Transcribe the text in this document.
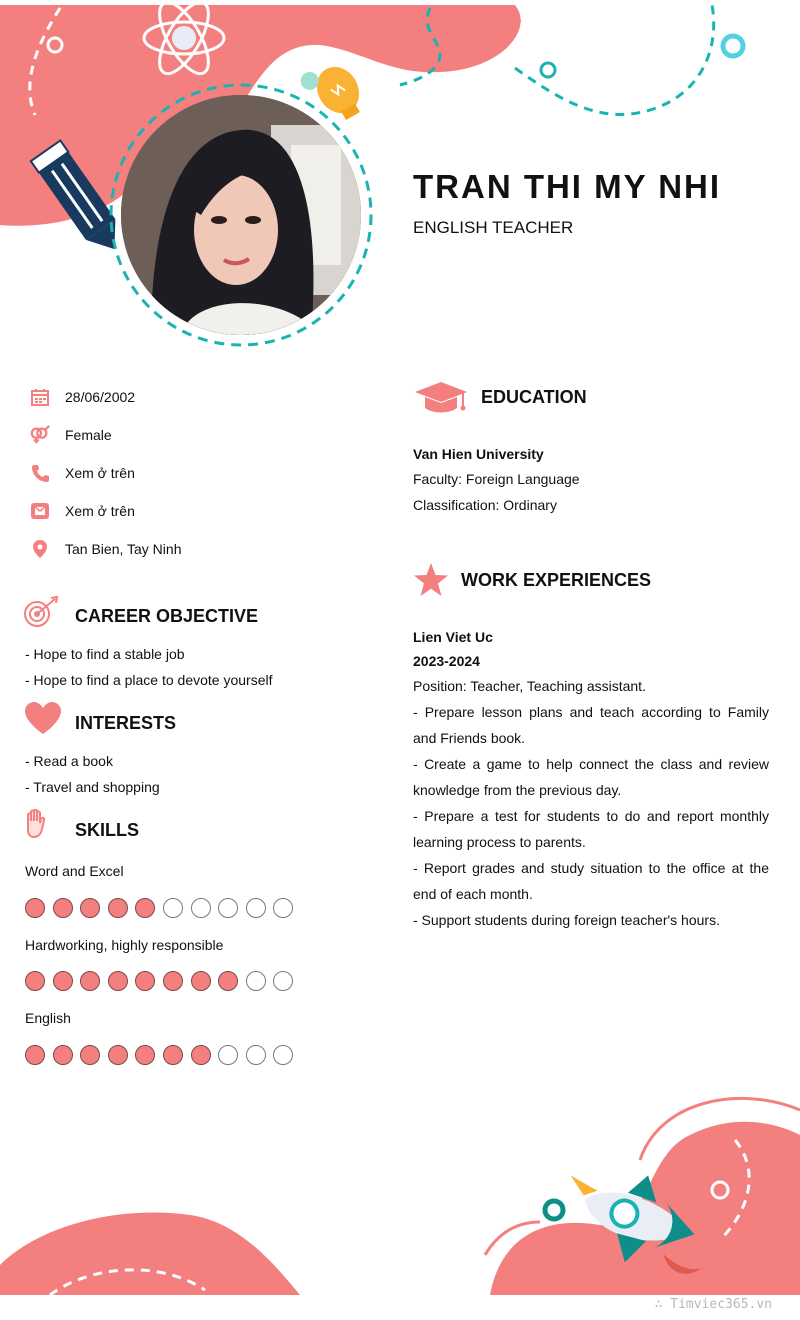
TRAN THI MY NHI
ENGLISH TEACHER
28/06/2002
Female
Xem ở trên
Xem ở trên
Tan Bien, Tay Ninh
CAREER OBJECTIVE
- Hope to find a stable job
- Hope to find a place to devote yourself
INTERESTS
- Read a book
- Travel and shopping
SKILLS
Word and Excel
Hardworking, highly responsible
English
EDUCATION
Van Hien University
Faculty: Foreign Language
Classification: Ordinary
WORK EXPERIENCES
Lien Viet Uc
2023-2024
Position: Teacher, Teaching assistant.

- Prepare lesson plans and teach according to Family and Friends book.

- Create a game to help connect the class and review knowledge from the previous day.

- Prepare a test for students to do and report monthly learning process to parents.

- Report grades and study situation to the office at the end of each month.

- Support students during foreign teacher's hours.

∴ Timviec365.vn
